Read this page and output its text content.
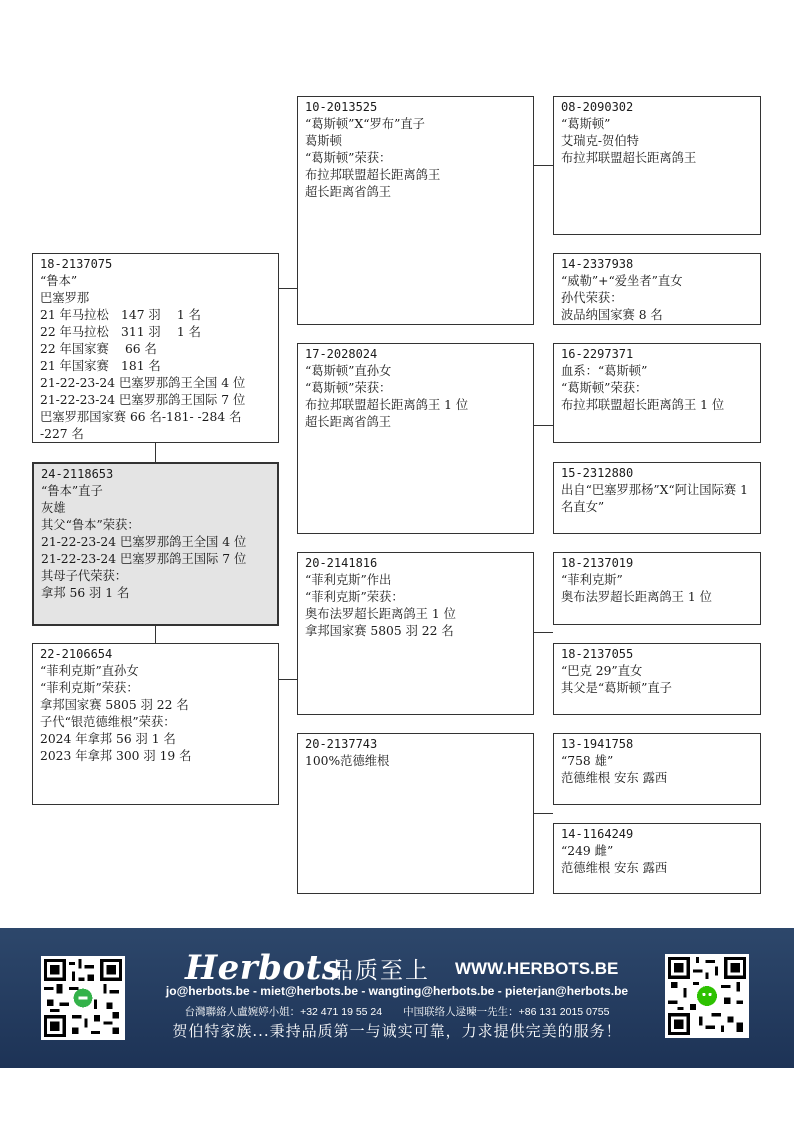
18-2137075
“鲁本”
巴塞罗那
21 年马拉松　147 羽　 1 名
22 年马拉松　311 羽　 1 名
22 年国家赛　 66 名
21 年国家赛　181 名
21-22-23-24 巴塞罗那鸽王全国 4 位
21-22-23-24 巴塞罗那鸽王国际 7 位
巴塞罗那国家赛 66 名-181- -284 名 -227 名
24-2118653
“鲁本”直子
灰雄
其父“鲁本”荣获：
21-22-23-24 巴塞罗那鸽王全国 4 位
21-22-23-24 巴塞罗那鸽王国际 7 位
其母子代荣获：
拿邦 56 羽 1 名
22-2106654
“菲利克斯”直孙女
“菲利克斯”荣获：
拿邦国家赛 5805 羽 22 名
子代“银范德维根”荣获：
2024 年拿邦 56 羽 1 名
2023 年拿邦 300 羽 19 名
10-2013525
“葛斯顿”X“罗布”直子
葛斯顿
“葛斯顿”荣获：
布拉邦联盟超长距离鸽王
超长距离省鸽王
17-2028024
“葛斯顿”直孙女
“葛斯顿”荣获：
布拉邦联盟超长距离鸽王 1 位
超长距离省鸽王
20-2141816
“菲利克斯”作出
“菲利克斯”荣获：
奥布法罗超长距离鸽王 1 位
拿邦国家赛 5805 羽 22 名
20-2137743
100%范德维根
08-2090302
“葛斯顿”
艾瑞克-贺伯特
布拉邦联盟超长距离鸽王
14-2337938
“威勒”+“爱坐者”直女
孙代荣获：
波品纳国家赛 8 名
16-2297371
血系：“葛斯顿”
“葛斯顿”荣获：
布拉邦联盟超长距离鸽王 1 位
15-2312880
出自“巴塞罗那杨”X“阿让国际赛 1 名直女”
18-2137019
“菲利克斯”
奥布法罗超长距离鸽王 1 位
18-2137055
“巴克 29”直女
其父是“葛斯顿”直子
13-1941758
“758 雄”
范德维根 安东 露西
14-1164249
“249 雌”
范德维根 安东 露西
Herbots
品质至上 WWW.HERBOTS.BE
jo@herbots.be - miet@herbots.be - wangting@herbots.be - pieterjan@herbots.be
台灣聯絡人盧婉婷小姐：+32 471 19 55 24　　中国联络人逯暕一先生：+86 131 2015 0755
贺伯特家族...秉持品质第一与诚实可靠，力求提供完美的服务！
